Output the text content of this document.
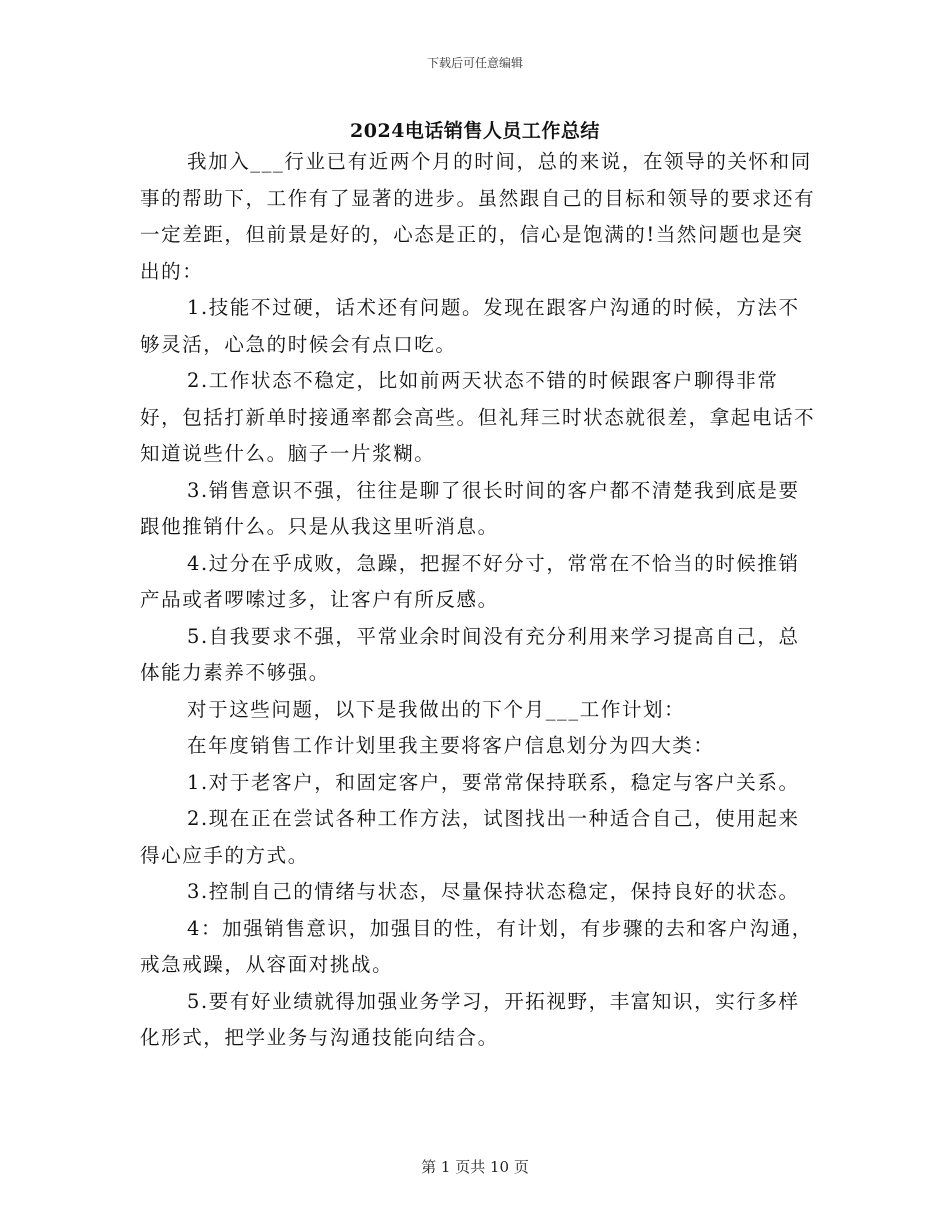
下载后可任意编辑
2024电话销售人员工作总结

我加入___行业已有近两个月的时间，总的来说，在领导的关怀和同事的帮助下，工作有了显著的进步。虽然跟自己的目标和领导的要求还有一定差距，但前景是好的，心态是正的，信心是饱满的!当然问题也是突出的：

1.技能不过硬，话术还有问题。发现在跟客户沟通的时候，方法不够灵活，心急的时候会有点口吃。

2.工作状态不稳定，比如前两天状态不错的时候跟客户聊得非常好，包括打新单时接通率都会高些。但礼拜三时状态就很差，拿起电话不知道说些什么。脑子一片浆糊。

3.销售意识不强，往往是聊了很长时间的客户都不清楚我到底是要跟他推销什么。只是从我这里听消息。

4.过分在乎成败，急躁，把握不好分寸，常常在不恰当的时候推销产品或者啰嗦过多，让客户有所反感。

5.自我要求不强，平常业余时间没有充分利用来学习提高自己，总体能力素养不够强。

对于这些问题，以下是我做出的下个月___工作计划：

在年度销售工作计划里我主要将客户信息划分为四大类：

1.对于老客户，和固定客户，要常常保持联系，稳定与客户关系。

2.现在正在尝试各种工作方法，试图找出一种适合自己，使用起来得心应手的方式。

3.控制自己的情绪与状态，尽量保持状态稳定，保持良好的状态。

4：加强销售意识，加强目的性，有计划，有步骤的去和客户沟通，戒急戒躁，从容面对挑战。

5.要有好业绩就得加强业务学习，开拓视野，丰富知识，实行多样化形式，把学业务与沟通技能向结合。

第 1 页共 10 页
